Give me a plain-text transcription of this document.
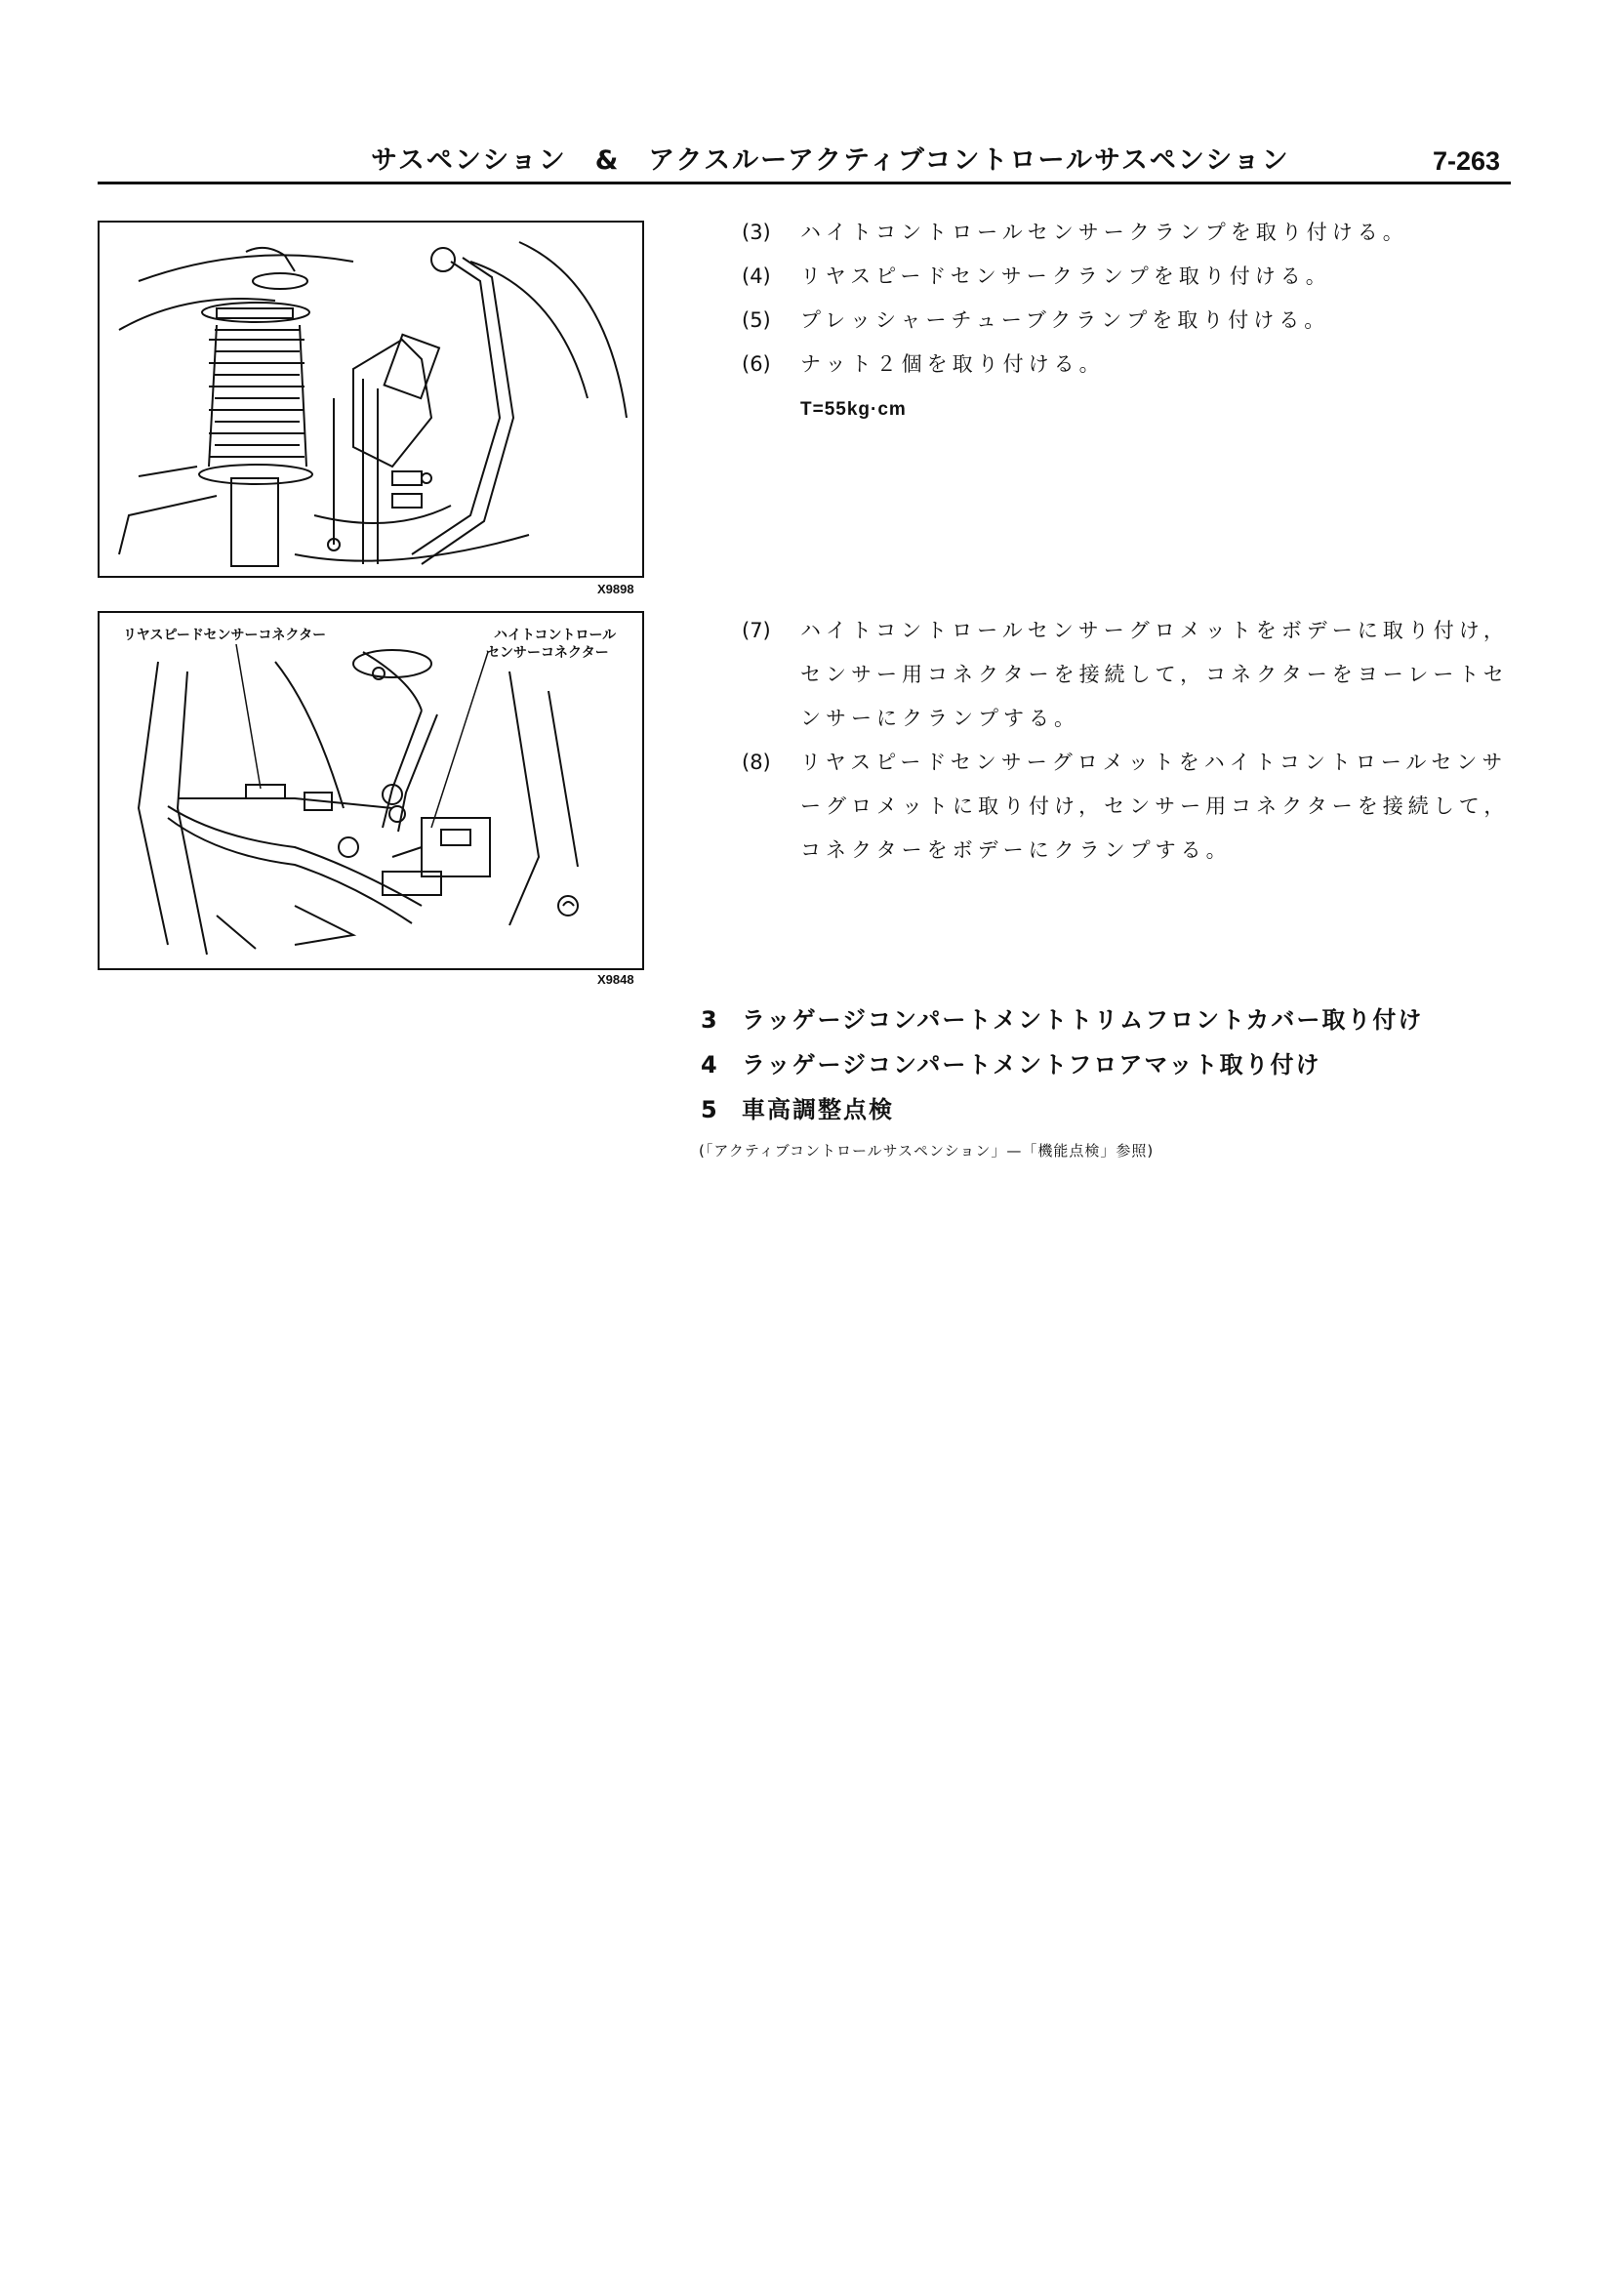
サスペンション　&　アクスルーアクティブコントロールサスペンション	7-263
X9898
リヤスピードセンサーコネクター	ハイトコントロール
センサーコネクター
X9848
(3) ハイトコントロールセンサークランプを取り付ける。
(4) リヤスピードセンサークランプを取り付ける。
(5) プレッシャーチューブクランプを取り付ける。
(6) ナット２個を取り付ける。
T=55kg·cm
(7) ハイトコントロールセンサーグロメットをボデーに取り付け，センサー用コネクターを接続して，コネクターをヨーレートセンサーにクランプする。
(8) リヤスピードセンサーグロメットをハイトコントロールセンサーグロメットに取り付け，センサー用コネクターを接続して，コネクターをボデーにクランプする。
3 ラッゲージコンパートメントトリムフロントカバー取り付け
4 ラッゲージコンパートメントフロアマット取り付け
5 車高調整点検
(「アクティブコントロールサスペンション」—「機能点検」参照)
